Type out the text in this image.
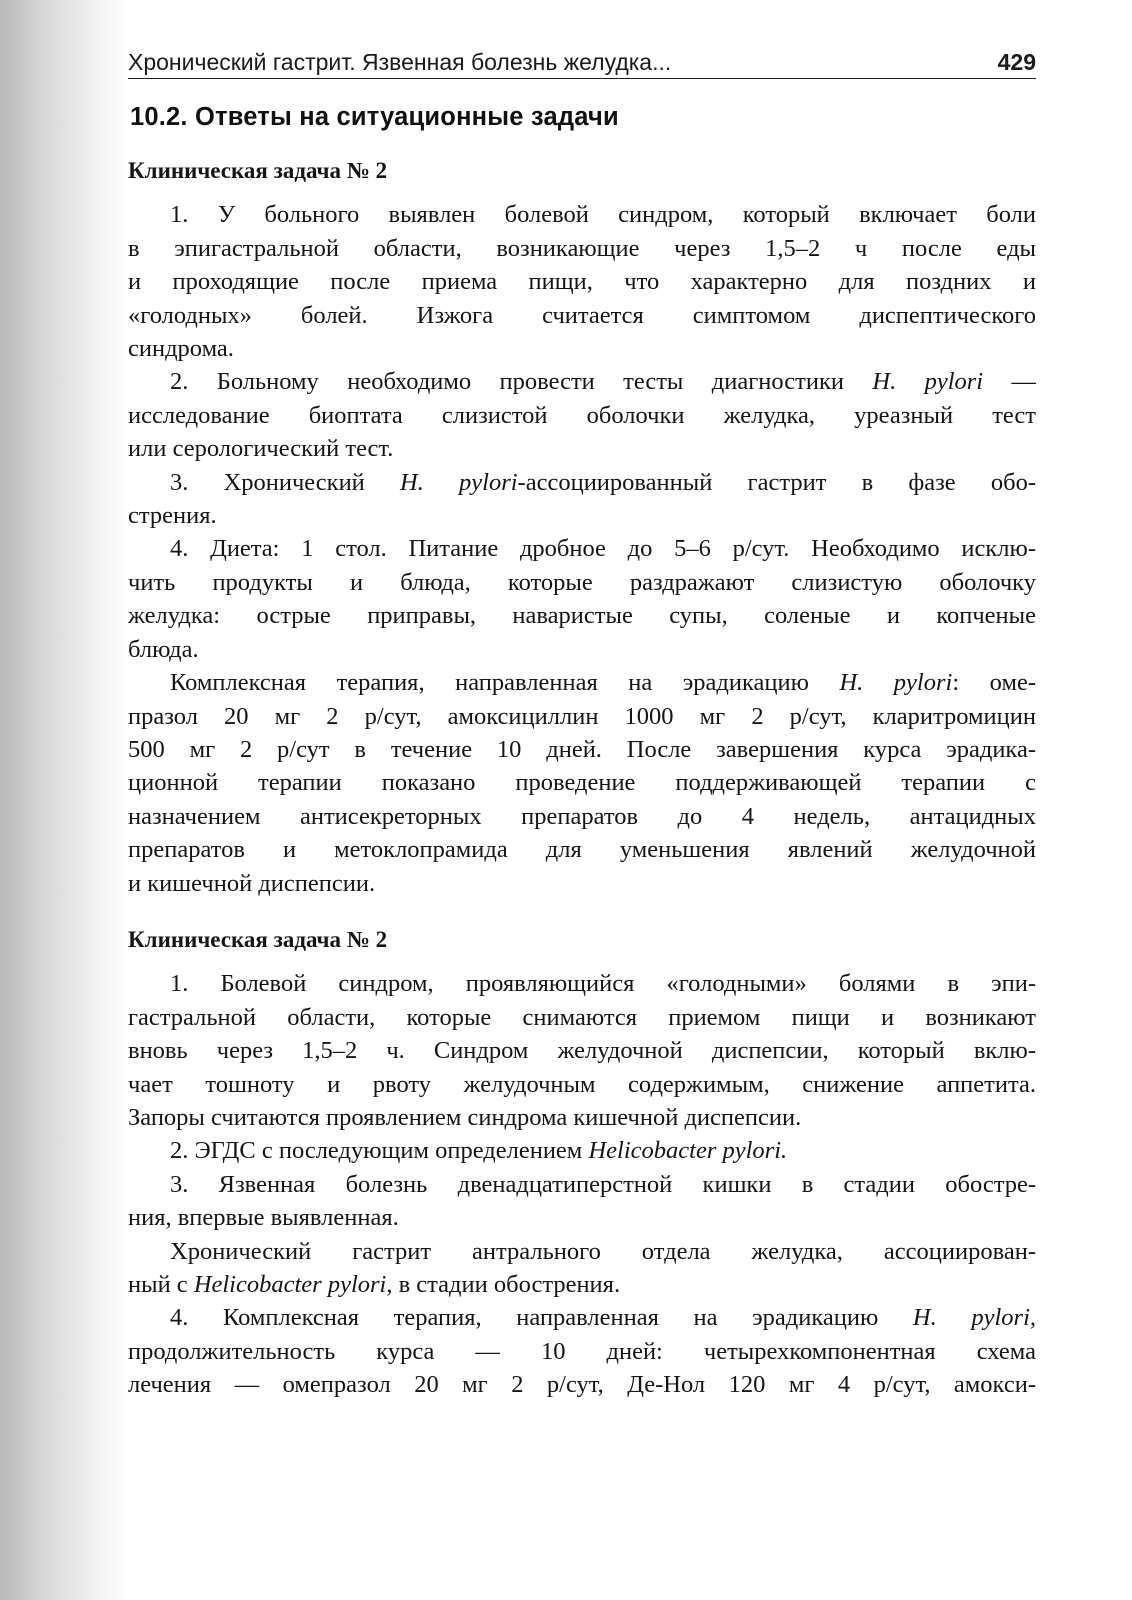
Хронический гастрит. Язвенная болезнь желудка...	429
10.2. Ответы на ситуационные задачи
Клиническая задача № 2

1. У больного выявлен болевой синдром, который включает боли

в эпигастральной области, возникающие через 1,5–2 ч после еды

и проходящие после приема пищи, что характерно для поздних и

«голодных» болей. Изжога считается симптомом диспептического

синдрома.

2. Больному необходимо провести тесты диагностики H. pylori —

исследование биоптата слизистой оболочки желудка, уреазный тест

или серологический тест.

3. Хронический H. pylori-ассоциированный гастрит в фазе обо-

стрения.

4. Диета: 1 стол. Питание дробное до 5–6 р/сут. Необходимо исклю-

чить продукты и блюда, которые раздражают слизистую оболочку

желудка: острые приправы, наваристые супы, соленые и копченые

блюда.

Комплексная терапия, направленная на эрадикацию H. pylori: оме-

празол 20 мг 2 р/сут, амоксициллин 1000 мг 2 р/сут, кларитромицин

500 мг 2 р/сут в течение 10 дней. После завершения курса эрадика-

ционной терапии показано проведение поддерживающей терапии с

назначением антисекреторных препаратов до 4 недель, антацидных

препаратов и метоклопрамида для уменьшения явлений желудочной

и кишечной диспепсии.

Клиническая задача № 2

1. Болевой синдром, проявляющийся «голодными» болями в эпи-

гастральной области, которые снимаются приемом пищи и возникают

вновь через 1,5–2 ч. Синдром желудочной диспепсии, который вклю-

чает тошноту и рвоту желудочным содержимым, снижение аппетита.

Запоры считаются проявлением синдрома кишечной диспепсии.

2. ЭГДС с последующим определением Helicobacter pylori.

3. Язвенная болезнь двенадцатиперстной кишки в стадии обостре-

ния, впервые выявленная.

Хронический гастрит антрального отдела желудка, ассоциирован-

ный с Helicobacter pylori, в стадии обострения.

4. Комплексная терапия, направленная на эрадикацию H. pylori,

продолжительность курса — 10 дней: четырехкомпонентная схема

лечения — омепразол 20 мг 2 р/сут, Де-Нол 120 мг 4 р/сут, амокси-
